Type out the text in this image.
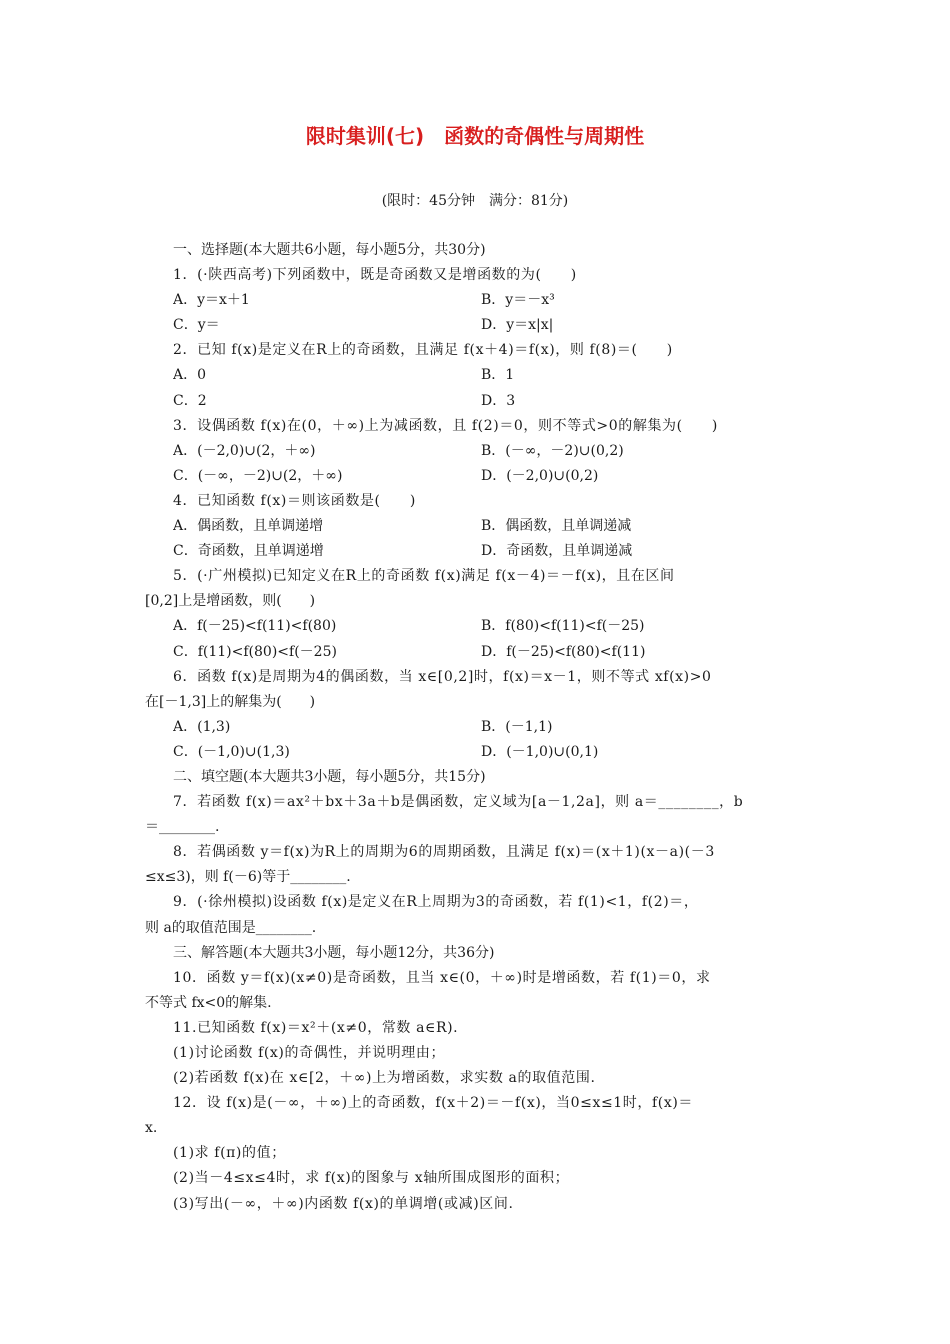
限时集训(七)　函数的奇偶性与周期性
(限时：45分钟　满分：81分)
一、选择题(本大题共6小题，每小题5分，共30分)
1．(·陕西高考)下列函数中，既是奇函数又是增函数的为(　　)
A．y＝x＋1	B．y＝－x³
C．y＝	D．y＝x|x|
2．已知 f(x)是定义在R上的奇函数，且满足 f(x＋4)＝f(x)，则 f(8)＝(　　)
A．0	B．1
C．2	D．3
3．设偶函数 f(x)在(0，＋∞)上为减函数，且 f(2)＝0，则不等式>0的解集为(　　)
A．(－2,0)∪(2，＋∞)	B．(－∞，－2)∪(0,2)
C．(－∞，－2)∪(2，＋∞)	D．(－2,0)∪(0,2)
4．已知函数 f(x)＝则该函数是(　　)
A．偶函数，且单调递增	B．偶函数，且单调递减
C．奇函数，且单调递增	D．奇函数，且单调递减
5．(·广州模拟)已知定义在R上的奇函数 f(x)满足 f(x－4)＝－f(x)，且在区间
[0,2]上是增函数，则(　　)
A．f(－25)<f(11)<f(80)	B．f(80)<f(11)<f(－25)
C．f(11)<f(80)<f(－25)	D．f(－25)<f(80)<f(11)
6．函数 f(x)是周期为4的偶函数，当 x∈[0,2]时，f(x)＝x－1，则不等式 xf(x)>0
在[－1,3]上的解集为(　　)
A．(1,3)	B．(－1,1)
C．(－1,0)∪(1,3)	D．(－1,0)∪(0,1)
二、填空题(本大题共3小题，每小题5分，共15分)
7．若函数 f(x)＝ax²＋bx＋3a＋b是偶函数，定义域为[a－1,2a]，则 a＝________，b
＝________.
8．若偶函数 y＝f(x)为R上的周期为6的周期函数，且满足 f(x)＝(x＋1)(x－a)(－3
≤x≤3)，则 f(－6)等于________.
9．(·徐州模拟)设函数 f(x)是定义在R上周期为3的奇函数，若 f(1)<1，f(2)＝，
则 a的取值范围是________.
三、解答题(本大题共3小题，每小题12分，共36分)
10．函数 y＝f(x)(x≠0)是奇函数，且当 x∈(0，＋∞)时是增函数，若 f(1)＝0，求
不等式 fx<0的解集.
11.已知函数 f(x)＝x²＋(x≠0，常数 a∈R).
(1)讨论函数 f(x)的奇偶性，并说明理由；
(2)若函数 f(x)在 x∈[2，＋∞)上为增函数，求实数 a的取值范围.
12．设 f(x)是(－∞，＋∞)上的奇函数，f(x＋2)＝－f(x)，当0≤x≤1时，f(x)＝
x.
(1)求 f(π)的值；
(2)当－4≤x≤4时，求 f(x)的图象与 x轴所围成图形的面积；
(3)写出(－∞，＋∞)内函数 f(x)的单调增(或减)区间.
